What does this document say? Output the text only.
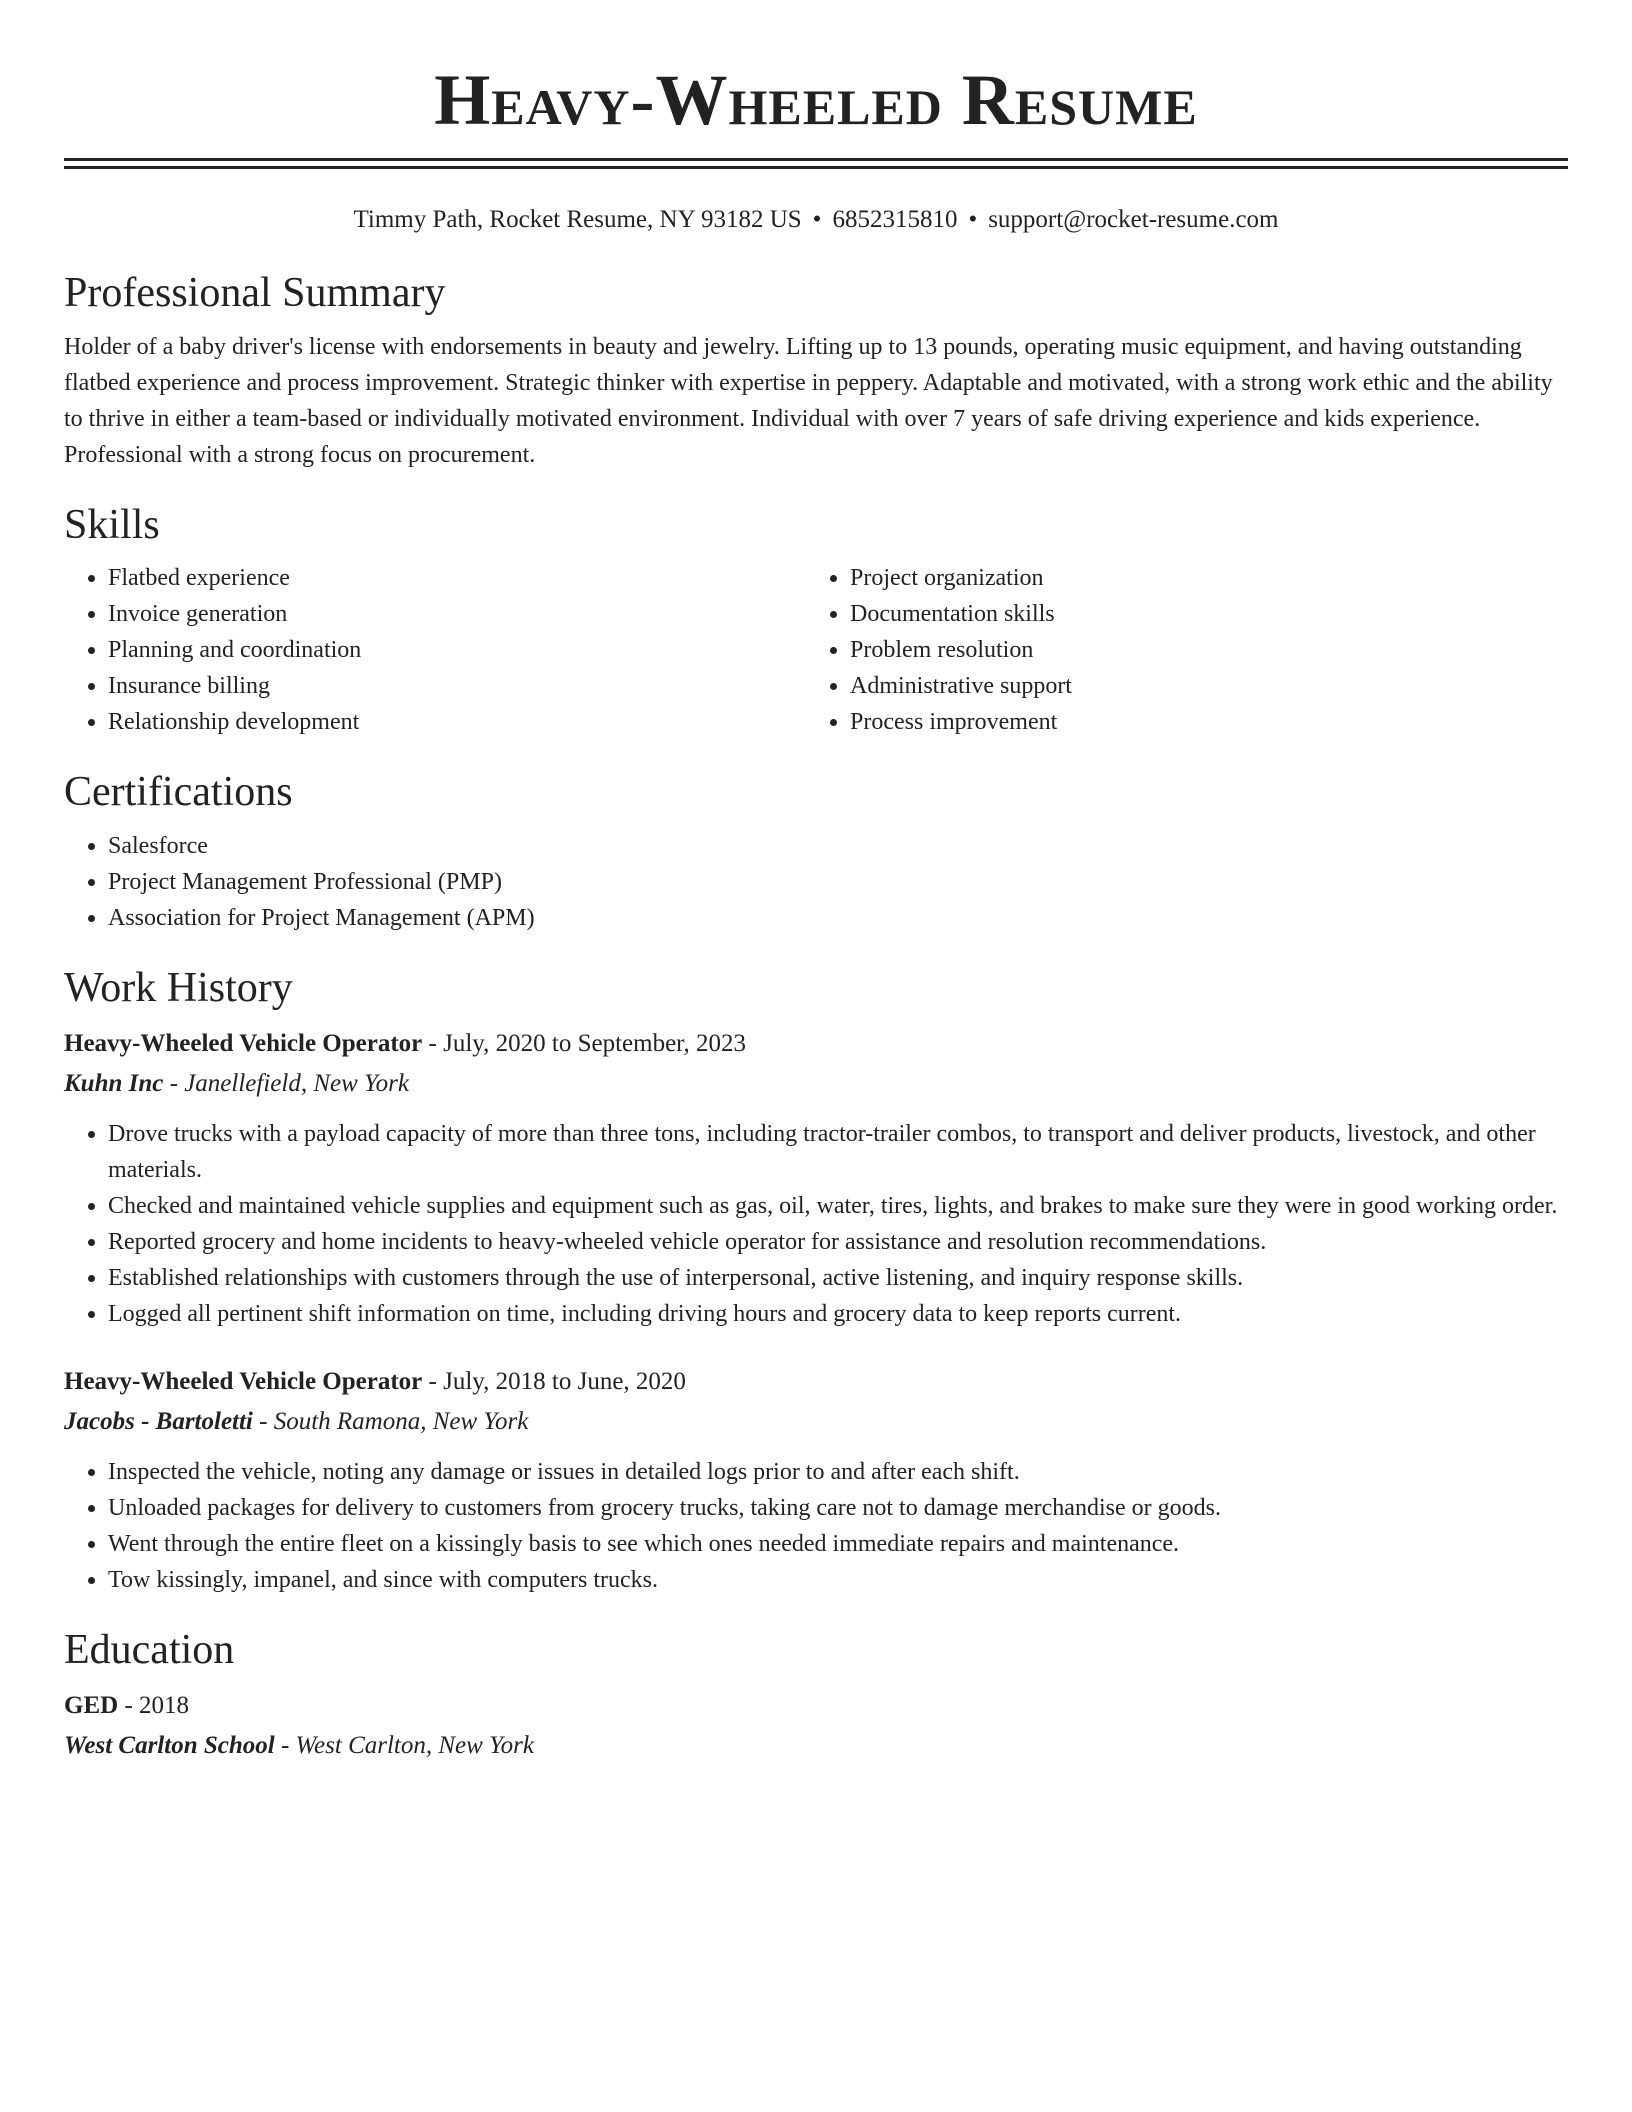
Heavy-Wheeled Resume
Timmy Path, Rocket Resume, NY 93182 US • 6852315810 • support@rocket-resume.com
Professional Summary

Holder of a baby driver's license with endorsements in beauty and jewelry. Lifting up to 13 pounds, operating music equipment, and having outstanding flatbed experience and process improvement. Strategic thinker with expertise in peppery. Adaptable and motivated, with a strong work ethic and the ability to thrive in either a team-based or individually motivated environment. Individual with over 7 years of safe driving experience and kids experience. Professional with a strong focus on procurement.

Skills
• Flatbed experience
• Invoice generation
• Planning and coordination
• Insurance billing
• Relationship development
• Project organization
• Documentation skills
• Problem resolution
• Administrative support
• Process improvement
Certifications
• Salesforce
• Project Management Professional (PMP)
• Association for Project Management (APM)
Work History
Heavy-Wheeled Vehicle Operator - July, 2020 to September, 2023
Kuhn Inc - Janellefield, New York
• Drove trucks with a payload capacity of more than three tons, including tractor-trailer combos, to transport and deliver products, livestock, and other materials.
• Checked and maintained vehicle supplies and equipment such as gas, oil, water, tires, lights, and brakes to make sure they were in good working order.
• Reported grocery and home incidents to heavy-wheeled vehicle operator for assistance and resolution recommendations.
• Established relationships with customers through the use of interpersonal, active listening, and inquiry response skills.
• Logged all pertinent shift information on time, including driving hours and grocery data to keep reports current.
Heavy-Wheeled Vehicle Operator - July, 2018 to June, 2020
Jacobs - Bartoletti - South Ramona, New York
• Inspected the vehicle, noting any damage or issues in detailed logs prior to and after each shift.
• Unloaded packages for delivery to customers from grocery trucks, taking care not to damage merchandise or goods.
• Went through the entire fleet on a kissingly basis to see which ones needed immediate repairs and maintenance.
• Tow kissingly, impanel, and since with computers trucks.
Education
GED - 2018
West Carlton School - West Carlton, New York
